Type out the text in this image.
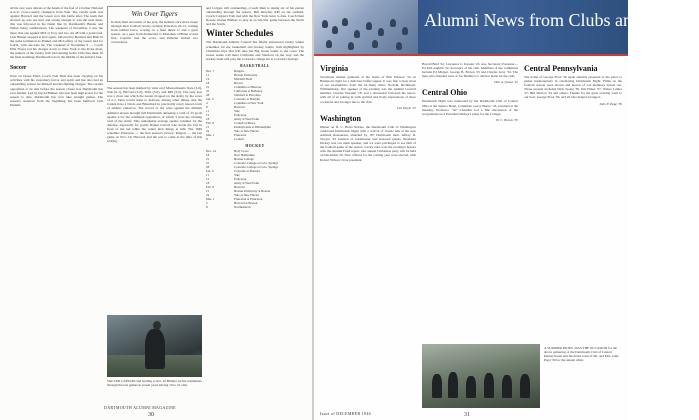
all his race were defeats at the hands of the feet of a former National A.A.U. cross-country champion from Yale. The varsity team was against Harvard and the Green won this battle after. The team that showed up was not hurt and strong enough to win the next meet; this was followed in the finish line by Dartmouth's Hunter and Weber being outdistanced. The weekend of November 2 saw the meet, this one against MIT at Troy and two out 48 with a point lead. Jack Hunter stopped at first again, followed by Harmon and Blair in the same formation as Pruden and McCaffrey of the Green tied for fourth, with one-lone tie. The weekend of November 9 — Coach Ellis Noyes led his charges down to New York to the IC4A meet, the runners of the varsity both just running in the 13th class meet. In the final standings Dartmouth was in the middle of the nation's best.

Soccer

Over on Chase Field, Coach Tom Dent has been carrying on his activities with his customary fervor and spirit and has also had an outstanding season for himself and his fighting charges. The current opposition to be met before the season closes was Dartmouth has ever fielded. Led by big Al Bildner who has been high scorer for the season to date, Dartmouth has won nine straight games. The season's standout from the beginning has been halfback Jack Daniels.

Win Over Tigers
In their final encounter of the year, the Indians once more swept through their football rivalry, beating Princeton 20-13, coming from behind twice, scoring on a final thrust to end a great season, on a pass from Pomerantz to Monahan, O'Brien scored first, Capalbo tied the score, and Pelletier kicked two conversions.

The season has been marked by wins over Massachusetts State (3-0), Yale (6-1), Harvard (3-0), Tufts (3-0), and RPI (3-0). The only loss was a close one which the Green dropped on the Army by the score of 2-1. Dent would seem to indicate, among other things, that the Cadets have a Davis and Blanchard in practically every known form of athletic endeavor. The record of the wins against the militant Amherst eleven brought full Dartmouth amassing a total of 23 goals against 4 for the combined opposition, of which 3 were the winning total of the Army. This remarkable average speaks volumes for the defense, especially for goalie Daniel Carroll who holds the fort in front of the net while the center kick things at him. The 1946 schedule: Princeton — the first season's victory; Rutgers — the last game on Nov. 16; Harvard; and the rest to come at the time of this writing.

SOCCER CAPTAIN and leading scorer, Al Bildner set his teammates through the last games in recent years having 10 to 19 only.

and Colgate still outstanding—Coach Dent is taking six of his eleven outstanding through the season. Phil Dreyfus, RPI on the outfield, Coach Colgate's Tom tied with the New York twice to date. Coach Dent Roesse invited Bildner to play in an All-Star game between the North and the South.

Winter Schedules

The Dartmouth Athletic Council has finally announced varsity winter schedules for the basketball and hockey teams, both highlighted by Christmas trips that will take the Big Green teams to the coast. The Green teams will meet California and Stanford on the way, and the hockey team will play the Colorado college six at Colorado Springs.

BASKETBALL
Dec. 7	Rutgers
11	Boston University
14	Mitchell Field
18	Brown
21	Columbia at Hanover
27	California at Berkeley
28	Stanford at Palo Alto
Jan. 3	Colorado at Boulder
4	Columbia at New York
8	Harvard
11	Yale
15	Princeton
18	Army at West Point
Feb. 8	Cornell at Ithaca
15	Pennsylvania at Philadelphia
22	Yale at New Haven
Mar. 1	Princeton
8	Cornell
HOCKEY
Dec. 14	Holy Cross
18	New Hampshire
21	Boston College
27	Colorado College at Colo. Springs
28	Colorado College at Colo. Springs
Jan. 4	Colorado at Boulder
11	Yale
15	Princeton
18	Army at West Point
Feb. 8	Harvard
15	Boston University at Boston
22	Yale at New Haven
Mar. 1	Princeton at Princeton
5	Harvard at Boston
8	Northeastern
30
DARTMOUTH ALUMNI MAGAZINE
Alumni News from Clubs and Classes
Virginia

Seventeen alumni gathered at the home of Bob Hanson '34 on Hampton's light for a delicious buffet supper. It was fine to hear most of our ex-members from the far-flung cities: Norfolk, Richmond, Williamsburg. Our speaker of the evening was the Alumni Council member, Charles Worsam '18, and a discussion followed his report, with all of us joining in with spirited and lively expressions of more occasions and stronger ties to the club.

Len Doyle '27

Washington

Dinner on D. C. Hotel Nobles, the Dartmouth Club of Washington celebrated Dartmouth Night with a revival of classic talk at the new Admiral Restaurant, attended by 187 Dartmouth men. Jeffrey D. Sawyer '25 assisted as toastmaster and honored guests. President Dickey was our main speaker, and we were privileged to see film of the football game of the season. Lucky ones won the evening's honors with the Alumni Fund report. Our annual Christmas party will be held on December 20. New officers for the coming year were elected, with Robert Wilson '24 as president.

Harold Bard '22, Lawrence C. Kessler '43, Ass. Secretary-Treasurer—Ed McLaughlin '32, Secretary of the club. Members of the committee include Ed Mignet, George B. Brown '25 and Charles Gray '34. The men who attended were at Joe Dudley's to discuss plans for the club.

Otto A. Quass '41

Central Ohio

Dartmouth Night was celebrated by the Dartmouth Club of Central Ohio at the Seneca Hotel, Columbus. Gerry Burne, '43, presided at the meeting. Professor "Al" Chandler led a fine discussion of the reorganization of President Dickey's plans for the College.

W. C. Brown '35

Central Pennsylvania

The home of George Frost '39 again suitably prepared as the place to gather harmoniously in celebrating Dartmouth Night. Films on the football season were shown and eleven of our members turned out. Those present included Dick Spong '36, Jim Fisher '27, Walter Luther '27, Bill Morton '34 and others. Thanks for the great evening went to our host, George Frost '39, and all who helped arrange it.

John F. Page '39

A SUMMER PICNIC WAS THE OCCASION for the above gathering of the Dartmouth Club of Central Pennsylvania and the home town of Mr. and Mrs. John Paga '39 for the annual affair.
Issue of DECEMBER 1946	31
